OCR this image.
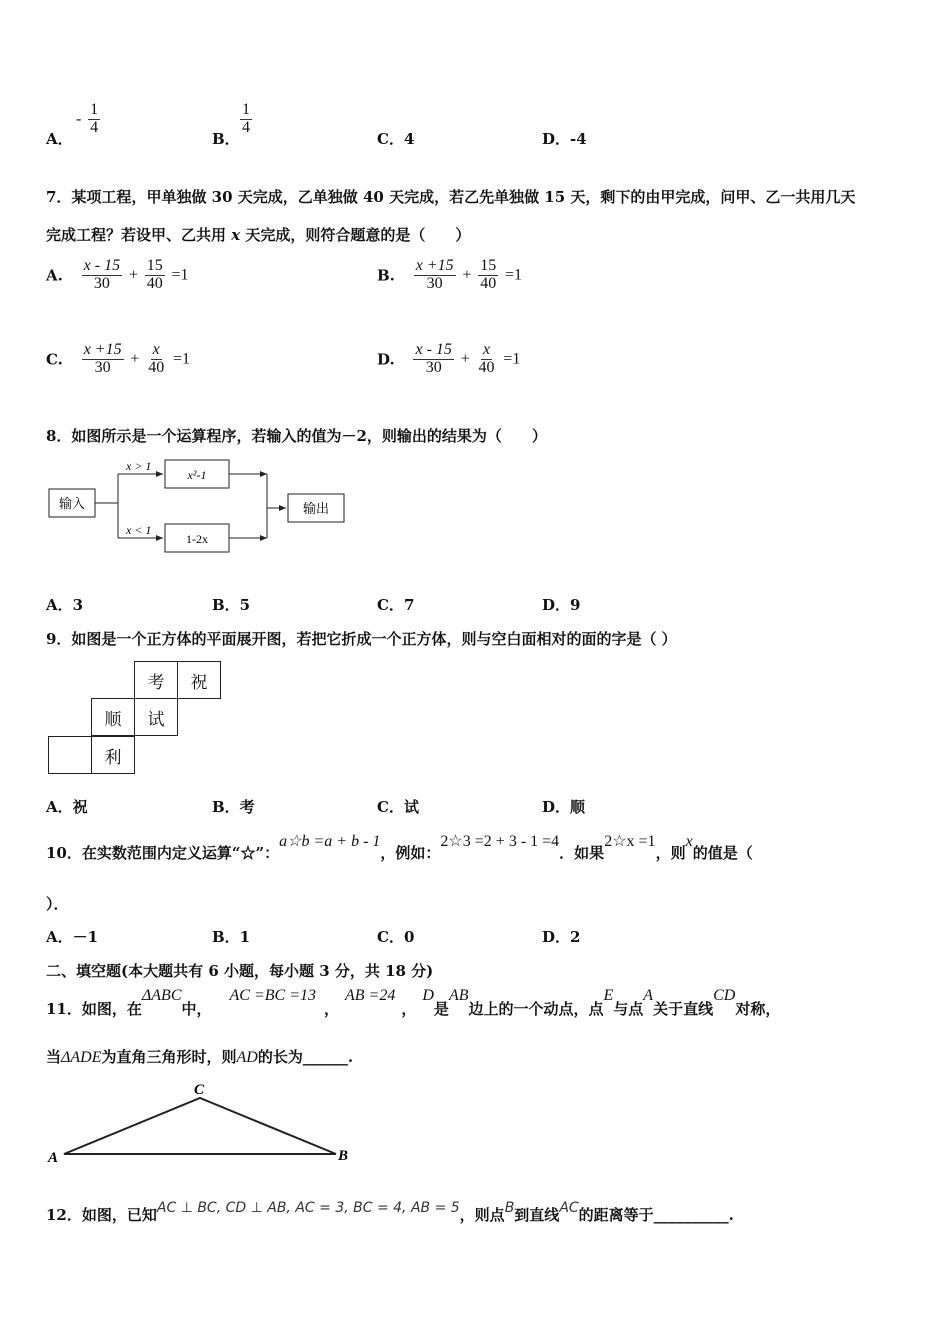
A．
- $\frac{1}{4}$
B．
$\frac{1}{4}$
C．4	D．-4
7．某项工程，甲单独做 30 天完成，乙单独做 40 天完成，若乙先单独做 15 天，剩下的由甲完成，问甲、乙一共用几天
完成工程？若设甲、乙共用 x 天完成，则符合题意的是（　　）
A. $\frac{x - 15}{30} + \frac{15}{40} =1$	B. $\frac{x +15}{30} + \frac{15}{40} =1$
C. $\frac{x +15}{30} + \frac{x}{40} =1$	D. $\frac{x - 15}{30} + \frac{x}{40} =1$
8．如图所示是一个运算程序，若输入的值为－2，则输出的结果为（　　）
输入
x > 1
x < 1
x²-1
1-2x
输出
A．3	B．5	C．7	D．9
9．如图是一个正方体的平面展开图，若把它折成一个正方体，则与空白面相对的面的字是（ ）
考	祝
顺	试
利
A．祝	B．考	C．试	D．顺
10．在实数范围内定义运算“☆”：a☆b =a + b - 1，例如：2☆3 =2 + 3 - 1 =4．如果2☆x =1，则x的值是（
）．
A．－1	B．1	C．0	D．2
二、填空题(本大题共有 6 小题，每小题 3 分，共 18 分)
11．如图，在ΔABC中，AC =BC =13，AB =24，D是AB边上的一个动点，点E与点A关于直线CD对称，
当ΔADE为直角三角形时，则AD的长为______.
C
A	B
12．如图，已知AC ⊥ BC, CD ⊥ AB, AC = 3, BC = 4, AB = 5，则点B到直线AC的距离等于__________.
